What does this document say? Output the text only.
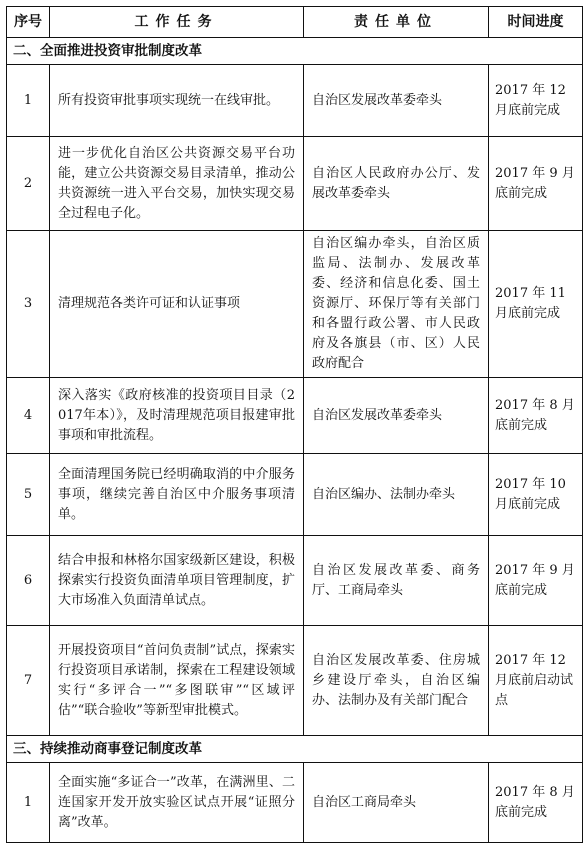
序号	工作任务	责任单位	时间进度
二、全面推进投资审批制度改革			
1	所有投资审批事项实现统一在线审批。	自治区发展改革委牵头	2017 年 12 月底前完成
2	进一步优化自治区公共资源交易平台功能，建立公共资源交易目录清单，推动公共资源统一进入平台交易，加快实现交易全过程电子化。	自治区人民政府办公厅、发展改革委牵头	2017 年 9 月底前完成
3	清理规范各类许可证和认证事项	自治区编办牵头，自治区质监局、法制办、发展改革委、经济和信息化委、国土资源厅、环保厅等有关部门和各盟行政公署、市人民政府及各旗县（市、区）人民政府配合	2017 年 11 月底前完成
4	深入落实《政府核准的投资项目目录（2017年本）》，及时清理规范项目报建审批事项和审批流程。	自治区发展改革委牵头	2017 年 8 月底前完成
5	全面清理国务院已经明确取消的中介服务事项，继续完善自治区中介服务事项清单。	自治区编办、法制办牵头	2017 年 10 月底前完成
6	结合申报和林格尔国家级新区建设，积极探索实行投资负面清单项目管理制度，扩大市场准入负面清单试点。	自治区发展改革委、商务厅、工商局牵头	2017 年 9 月底前完成
7	开展投资项目“首问负责制”试点，探索实行投资项目承诺制，探索在工程建设领域实行“多评合一”“多图联审”“区域评估”“联合验收”等新型审批模式。	自治区发展改革委、住房城乡建设厅牵头，自治区编办、法制办及有关部门配合	2017 年 12 月底前启动试点
三、持续推动商事登记制度改革			
1	全面实施“多证合一”改革，在满洲里、二连国家开发开放实验区试点开展“证照分离”改革。	自治区工商局牵头	2017 年 8 月底前完成
